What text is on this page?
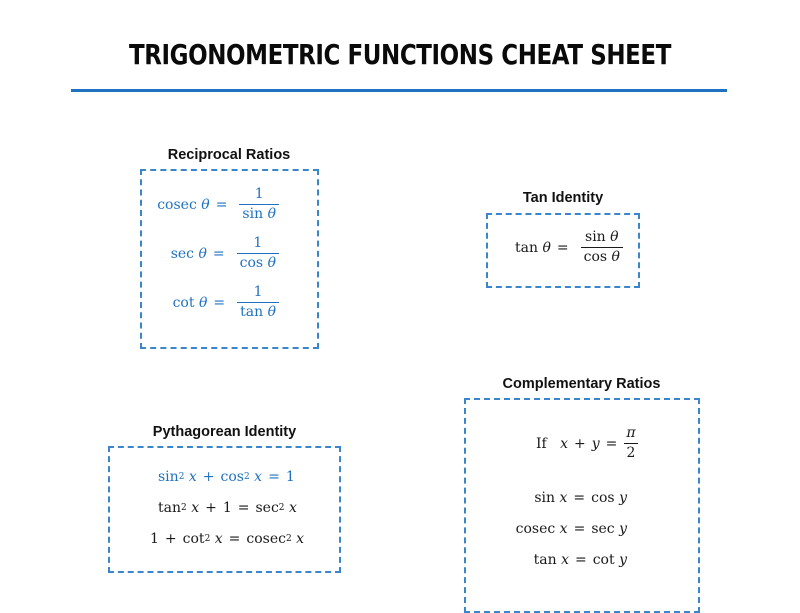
TRIGONOMETRIC FUNCTIONS CHEAT SHEET
Reciprocal Ratios
cosec
$\theta = \frac{1}{\text{sin θ}}$
sec
$\theta = \frac{1}{\text{cos θ}}$
cot
$\theta = \frac{1}{\text{tan θ}}$
Tan Identity
tan
$\theta = \frac{\text{sin θ}}{\text{cos θ}}$
Pythagorean Identity
sin 2
x + cos 2
x = 1
tan 2
x + 1 = sec 2
x
1 + cot 2
x = cosec 2
x
Complementary Ratios
If
$x + y = \frac{\pi}{2}$
sin
x = cos
y
cosec
x = sec
y
tan
x = cot
y
